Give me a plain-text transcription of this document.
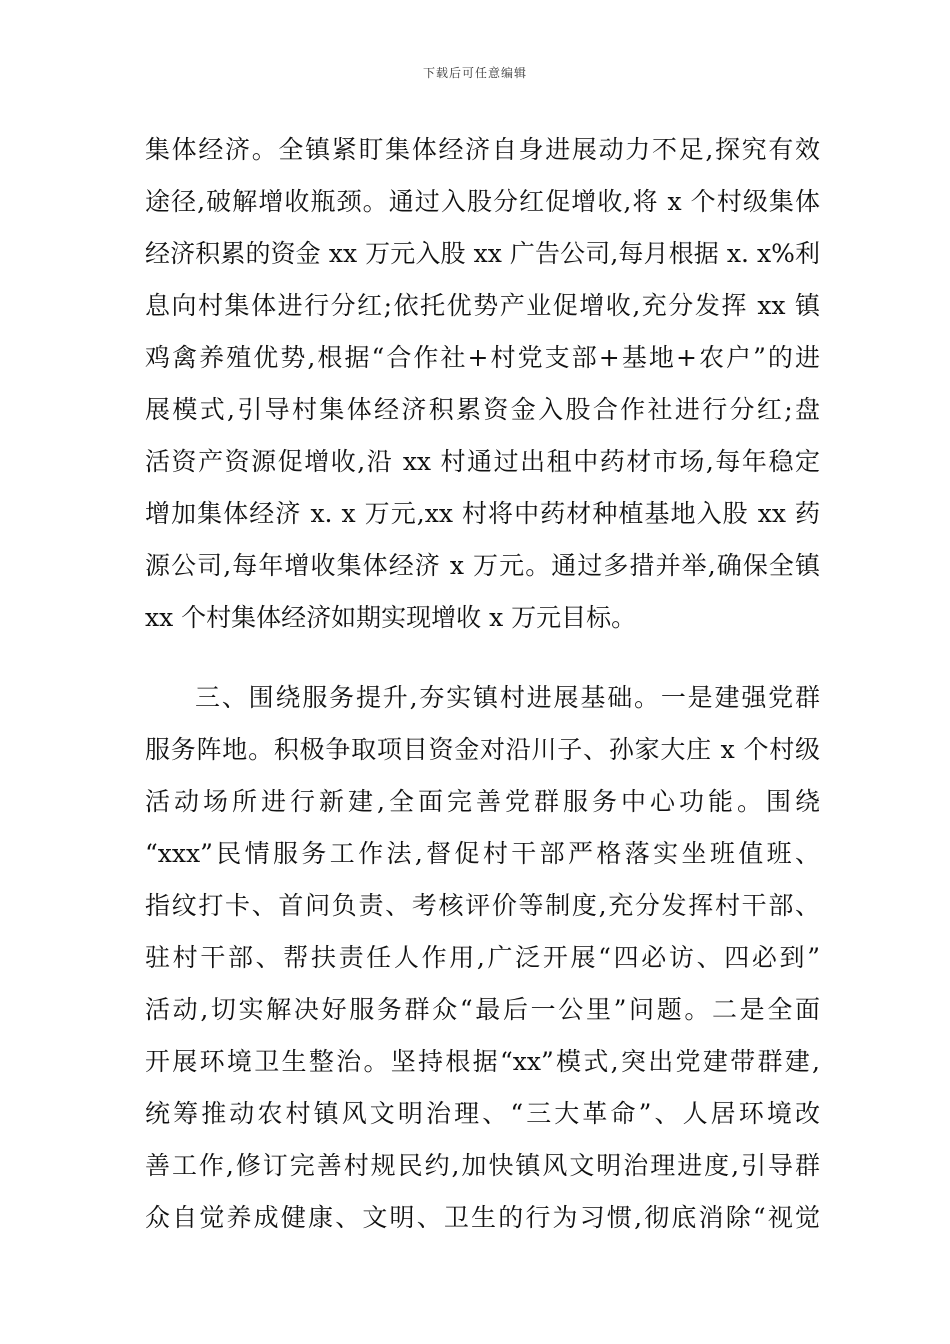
下载后可任意编辑
集体经济。全镇紧盯集体经济自身进展动力不足,探究有效
途径,破解增收瓶颈。通过入股分红促增收,将 x 个村级集体
经济积累的资金 xx 万元入股 xx 广告公司,每月根据 x. x%利
息向村集体进行分红;依托优势产业促增收,充分发挥 xx 镇
鸡禽养殖优势,根据“合作社+村党支部+基地+农户”的进
展模式,引导村集体经济积累资金入股合作社进行分红;盘
活资产资源促增收,沿 xx 村通过出租中药材市场,每年稳定
增加集体经济 x. x 万元,xx 村将中药材种植基地入股 xx 药
源公司,每年增收集体经济 x 万元。通过多措并举,确保全镇
xx 个村集体经济如期实现增收 x 万元目标。
三、围绕服务提升,夯实镇村进展基础。一是建强党群
服务阵地。积极争取项目资金对沿川子、孙家大庄 x 个村级
活动场所进行新建,全面完善党群服务中心功能。围绕
“xxx”民情服务工作法,督促村干部严格落实坐班值班、
指纹打卡、首问负责、考核评价等制度,充分发挥村干部、
驻村干部、帮扶责任人作用,广泛开展“四必访、四必到”
活动,切实解决好服务群众“最后一公里”问题。二是全面
开展环境卫生整治。坚持根据“xx”模式,突出党建带群建,
统筹推动农村镇风文明治理、“三大革命”、人居环境改
善工作,修订完善村规民约,加快镇风文明治理进度,引导群
众自觉养成健康、文明、卫生的行为习惯,彻底消除“视觉
